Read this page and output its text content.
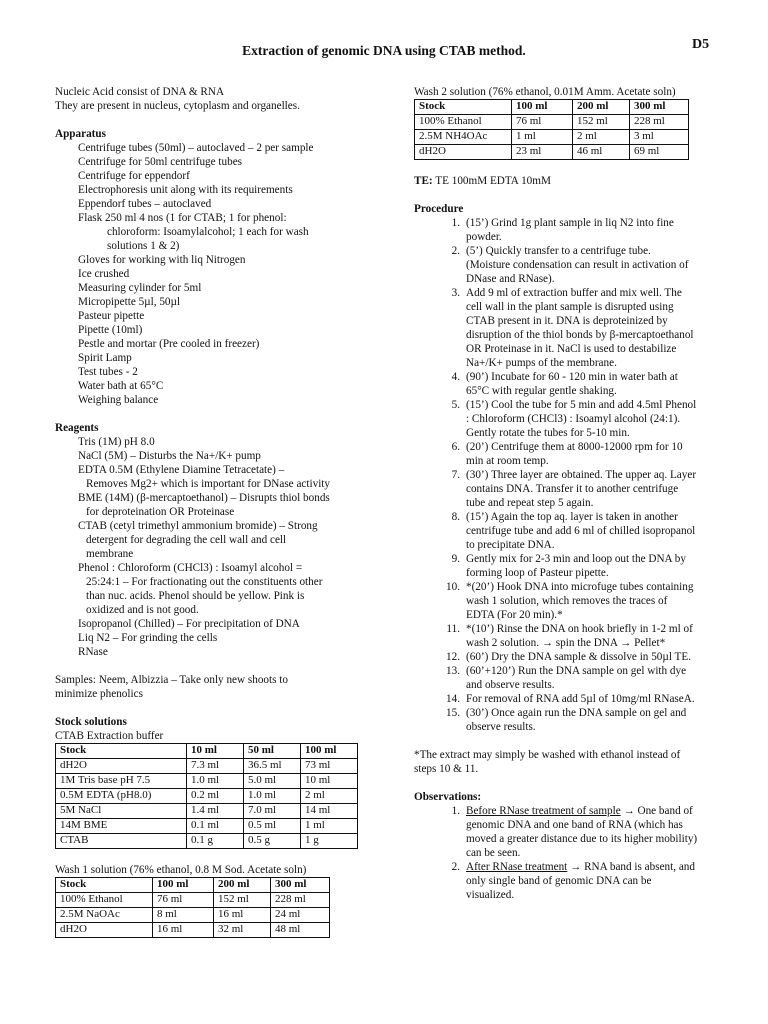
Extraction of genomic DNA using CTAB method.	D5
Nucleic Acid consist of DNA & RNA
They are present in nucleus, cytoplasm and organelles.
Apparatus
Centrifuge tubes (50ml) – autoclaved – 2 per sample
Centrifuge for 50ml centrifuge tubes
Centrifuge for eppendorf
Electrophoresis unit along with its requirements
Eppendorf tubes – autoclaved
Flask 250 ml 4 nos (1 for CTAB; 1 for phenol:
chloroform: Isoamylalcohol; 1 each for wash
solutions 1 & 2)
Gloves for working with liq Nitrogen
Ice crushed
Measuring cylinder for 5ml
Micropipette 5µl, 50µl
Pasteur pipette
Pipette (10ml)
Pestle and mortar (Pre cooled in freezer)
Spirit Lamp
Test tubes - 2
Water bath at 65°C
Weighing balance
Reagents
Tris (1M) pH 8.0
NaCl (5M) – Disturbs the Na+/K+ pump
EDTA 0.5M (Ethylene Diamine Tetracetate) –
Removes Mg2+ which is important for DNase activity
BME (14M) (β-mercaptoethanol) – Disrupts thiol bonds
for deproteination OR Proteinase
CTAB (cetyl trimethyl ammonium bromide) – Strong
detergent for degrading the cell wall and cell
membrane
Phenol : Chloroform (CHCl3) : Isoamyl alcohol =
25:24:1 – For fractionating out the constituents other
than nuc. acids. Phenol should be yellow. Pink is
oxidized and is not good.
Isopropanol (Chilled) – For precipitation of DNA
Liq N2 – For grinding the cells
RNase
Samples: Neem, Albizzia – Take only new shoots to
minimize phenolics
Stock solutions
CTAB Extraction buffer
Stock	10 ml	50 ml	100 ml
dH2O	7.3 ml	36.5 ml	73 ml
1M Tris base pH 7.5	1.0 ml	5.0 ml	10 ml
0.5M EDTA (pH8.0)	0.2 ml	1.0 ml	2 ml
5M NaCl	1.4 ml	7.0 ml	14 ml
14M BME	0.1 ml	0.5 ml	1 ml
CTAB	0.1 g	0.5 g	1 g
Wash 1 solution (76% ethanol, 0.8 M Sod. Acetate soln)
Stock	100 ml	200 ml	300 ml
100% Ethanol	76 ml	152 ml	228 ml
2.5M NaOAc	8 ml	16 ml	24 ml
dH2O	16 ml	32 ml	48 ml
Wash 2 solution (76% ethanol, 0.01M Amm. Acetate soln)
Stock	100 ml	200 ml	300 ml
100% Ethanol	76 ml	152 ml	228 ml
2.5M NH4OAc	1 ml	2 ml	3 ml
dH2O	23 ml	46 ml	69 ml
TE: TE 100mM EDTA 10mM
Procedure
1. (15’) Grind 1g plant sample in liq N2 into fine
powder.
2. (5’) Quickly transfer to a centrifuge tube.
(Moisture condensation can result in activation of
DNase and RNase).
3. Add 9 ml of extraction buffer and mix well. The
cell wall in the plant sample is disrupted using
CTAB present in it. DNA is deproteinized by
disruption of the thiol bonds by β-mercaptoethanol
OR Proteinase in it. NaCl is used to destabilize
Na+/K+ pumps of the membrane.
4. (90’) Incubate for 60 - 120 min in water bath at
65°C with regular gentle shaking.
5. (15’) Cool the tube for 5 min and add 4.5ml Phenol
: Chloroform (CHCl3) : Isoamyl alcohol (24:1).
Gently rotate the tubes for 5-10 min.
6. (20’) Centrifuge them at 8000-12000 rpm for 10
min at room temp.
7. (30’) Three layer are obtained. The upper aq. Layer
contains DNA. Transfer it to another centrifuge
tube and repeat step 5 again.
8. (15’) Again the top aq. layer is taken in another
centrifuge tube and add 6 ml of chilled isopropanol
to precipitate DNA.
9. Gently mix for 2-3 min and loop out the DNA by
forming loop of Pasteur pipette.
10. *(20’) Hook DNA into microfuge tubes containing
wash 1 solution, which removes the traces of
EDTA (For 20 min).*
11. *(10’) Rinse the DNA on hook briefly in 1-2 ml of
wash 2 solution. → spin the DNA → Pellet*
12. (60’) Dry the DNA sample & dissolve in 50µl TE.
13. (60’+120’) Run the DNA sample on gel with dye
and observe results.
14. For removal of RNA add 5µl of 10mg/ml RNaseA.
15. (30’) Once again run the DNA sample on gel and
observe results.
*The extract may simply be washed with ethanol instead of
steps 10 & 11.
Observations:
1. Before RNase treatment of sample → One band of
genomic DNA and one band of RNA (which has
moved a greater distance due to its higher mobility)
can be seen.
2. After RNase treatment → RNA band is absent, and
only single band of genomic DNA can be
visualized.
